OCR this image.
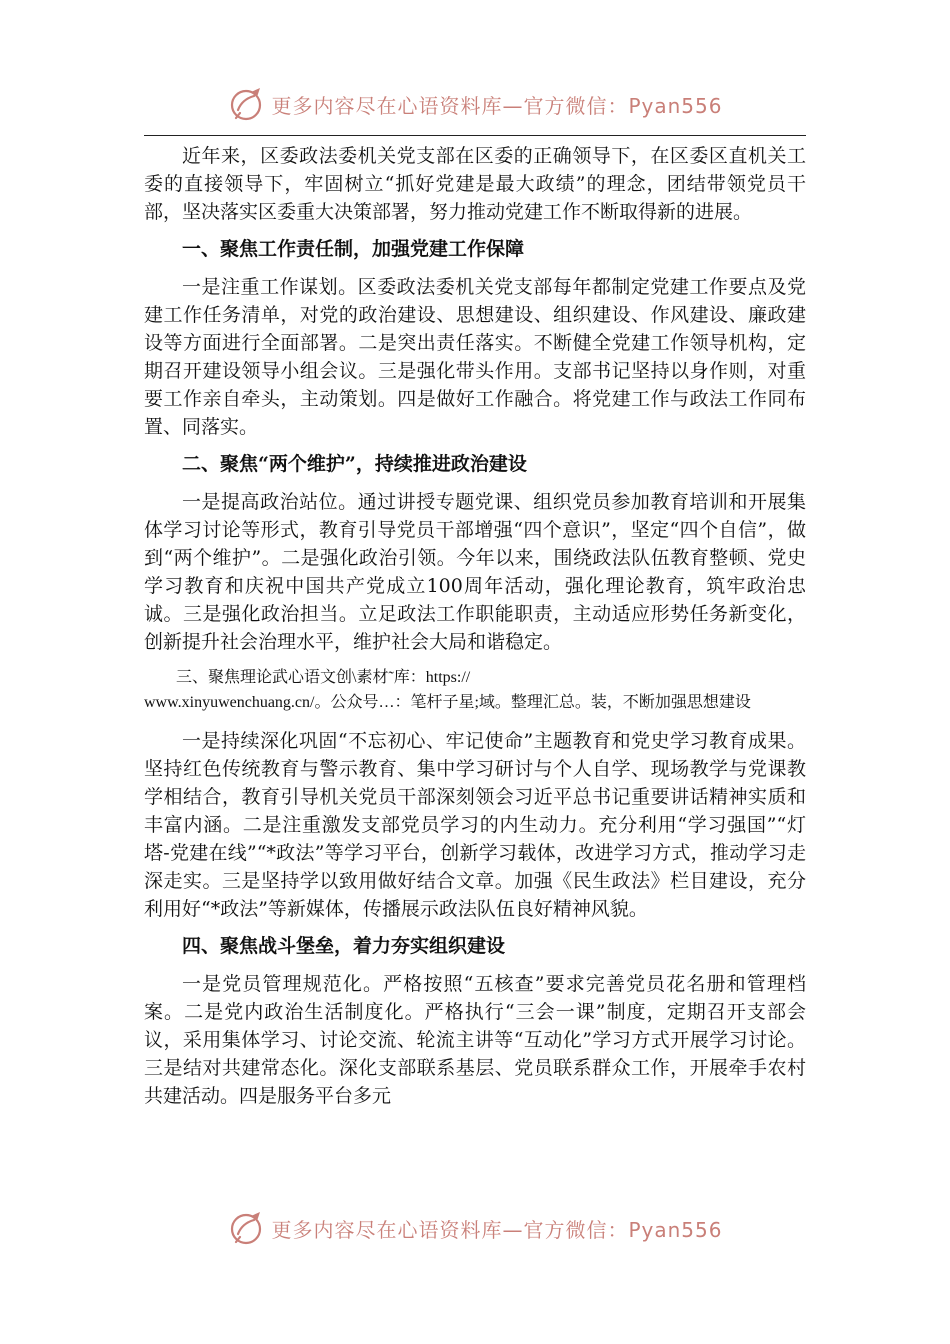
更多内容尽在心语资料库—官方微信：Pyan556

近年来，区委政法委机关党支部在区委的正确领导下，在区委区直机关工委的直接领导下，牢固树立“抓好党建是最大政绩”的理念，团结带领党员干部，坚决落实区委重大决策部署，努力推动党建工作不断取得新的进展。

一、聚焦工作责任制，加强党建工作保障

一是注重工作谋划。区委政法委机关党支部每年都制定党建工作要点及党建工作任务清单，对党的政治建设、思想建设、组织建设、作风建设、廉政建设等方面进行全面部署。二是突出责任落实。不断健全党建工作领导机构，定期召开建设领导小组会议。三是强化带头作用。支部书记坚持以身作则，对重要工作亲自牵头，主动策划。四是做好工作融合。将党建工作与政法工作同布置、同落实。

二、聚焦“两个维护”，持续推进政治建设

一是提高政治站位。通过讲授专题党课、组织党员参加教育培训和开展集体学习讨论等形式，教育引导党员干部增强“四个意识”，坚定“四个自信”，做到“两个维护”。二是强化政治引领。今年以来，围绕政法队伍教育整顿、党史学习教育和庆祝中国共产党成立100周年活动，强化理论教育，筑牢政治忠诚。三是强化政治担当。立足政法工作职能职责，主动适应形势任务新变化，创新提升社会治理水平，维护社会大局和谐稳定。

三、聚焦理论武心语文创\素材˜库：https://
www.xinyuwenchuang.cn/。公众号…：笔杆子星;域。整理汇总。装，不断加强思想建设

一是持续深化巩固“不忘初心、牢记使命”主题教育和党史学习教育成果。坚持红色传统教育与警示教育、集中学习研讨与个人自学、现场教学与党课教学相结合，教育引导机关党员干部深刻领会习近平总书记重要讲话精神实质和丰富内涵。二是注重激发支部党员学习的内生动力。充分利用“学习强国”“灯塔-党建在线”“*政法”等学习平台，创新学习载体，改进学习方式，推动学习走深走实。三是坚持学以致用做好结合文章。加强《民生政法》栏目建设，充分利用好“*政法”等新媒体，传播展示政法队伍良好精神风貌。

四、聚焦战斗堡垒，着力夯实组织建设

一是党员管理规范化。严格按照“五核查”要求完善党员花名册和管理档案。二是党内政治生活制度化。严格执行“三会一课”制度，定期召开支部会议，采用集体学习、讨论交流、轮流主讲等“互动化”学习方式开展学习讨论。三是结对共建常态化。深化支部联系基层、党员联系群众工作，开展牵手农村共建活动。四是服务平台多元

更多内容尽在心语资料库—官方微信：Pyan556
